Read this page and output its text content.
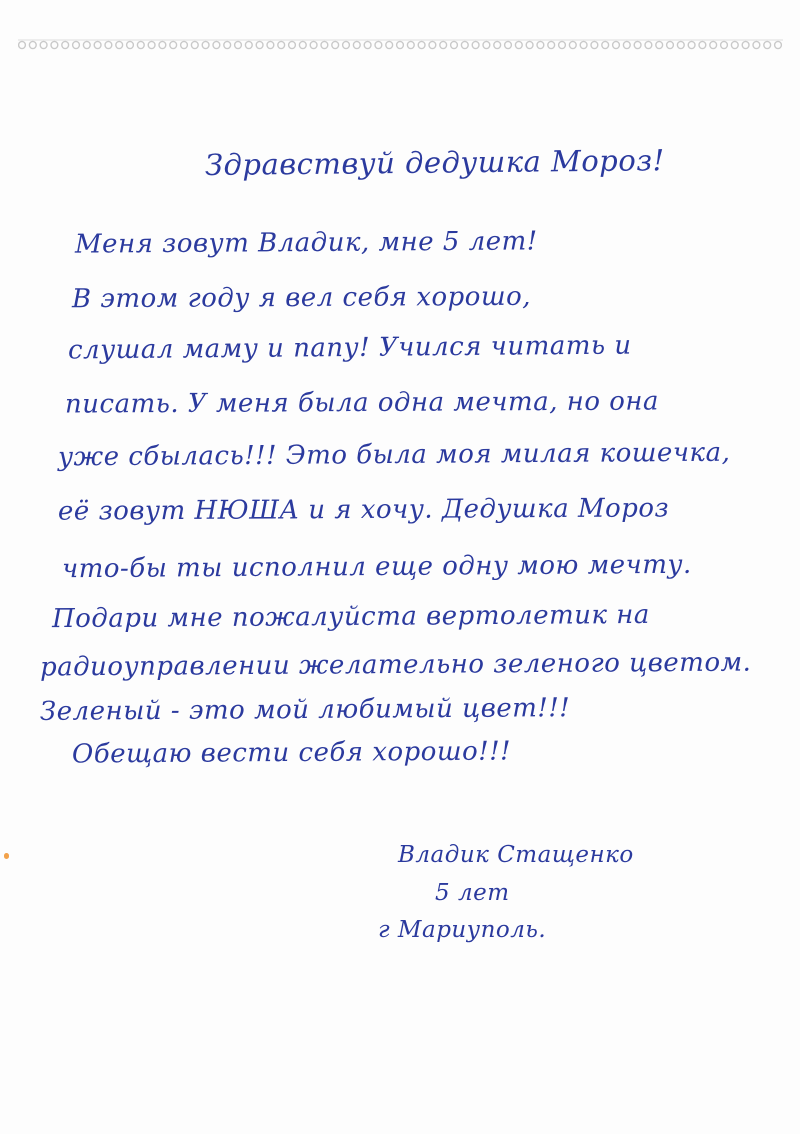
Здравствуй дедушка Мороз!

Меня зовут Владик, мне 5 лет!

В этом году я вел себя хорошо,

слушал маму и папу! Учился читать и

писать. У меня была одна мечта, но она

уже сбылась!!! Это была моя милая кошечка,

её зовут НЮША и я хочу. Дедушка Мороз

что-бы ты исполнил еще одну мою мечту.

Подари мне пожалуйста вертолетик на

радиоуправлении желательно зеленого цветом.

Зеленый - это мой любимый цвет!!!

Обещаю вести себя хорошо!!!

Владик Стащенко

5 лет

г Мариуполь.
